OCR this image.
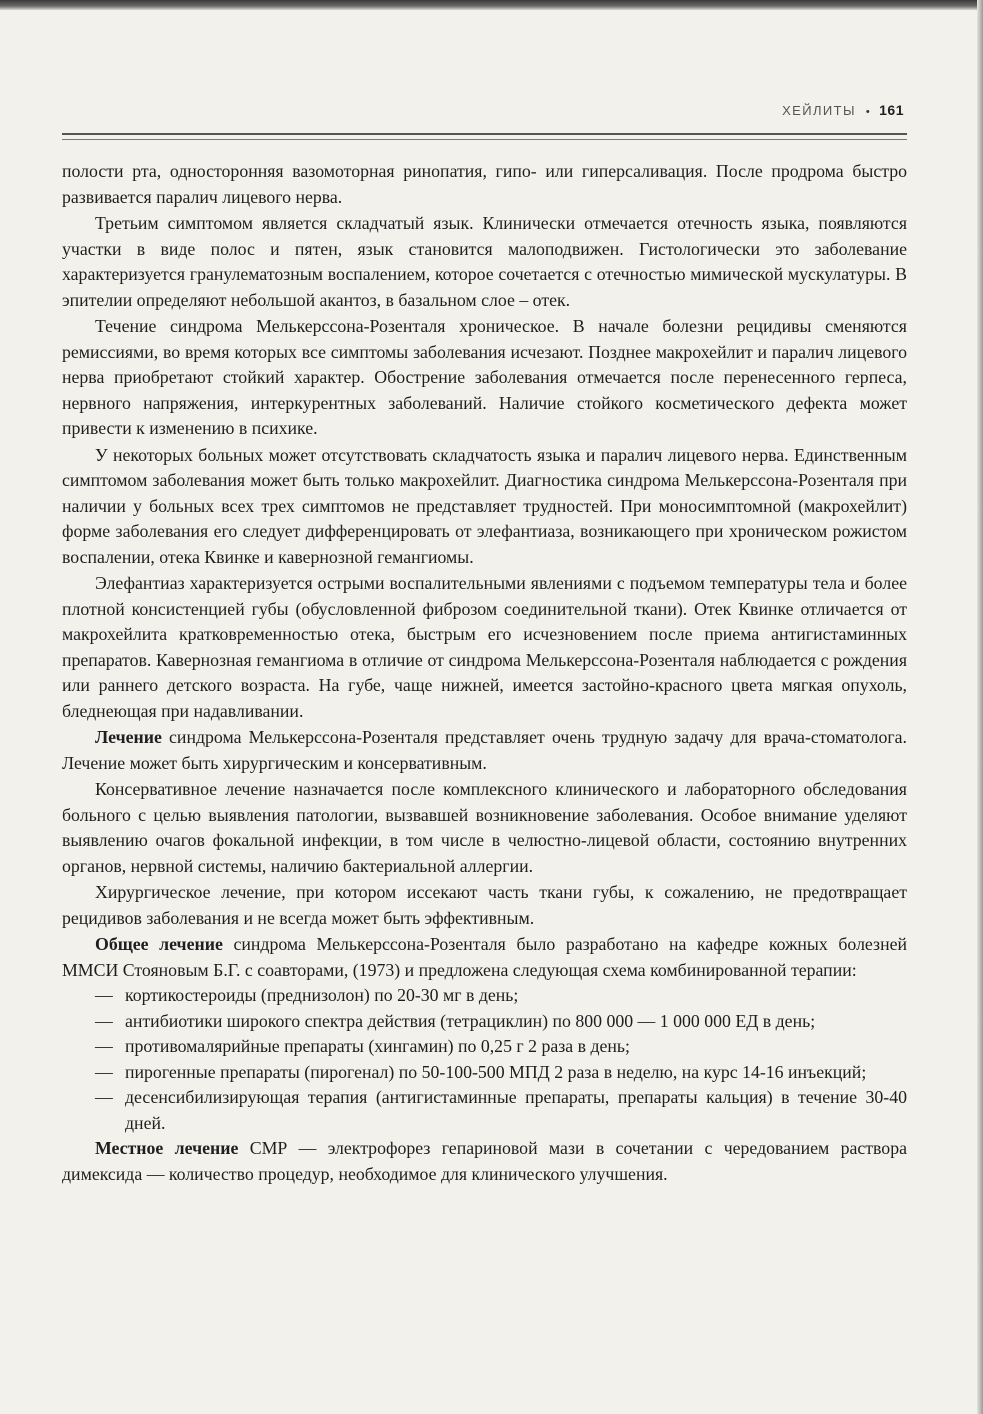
ХЕЙЛИТЫ • 161

полости рта, односторонняя вазомоторная ринопатия, гипо- или гиперсаливация. После продрома быстро развивается паралич лицевого нерва.

Третьим симптомом является складчатый язык. Клинически отмечается отечность языка, появляются участки в виде полос и пятен, язык становится малоподвижен. Гистологически это заболевание характеризуется гранулематозным воспалением, которое сочетается с отечностью мимической мускулатуры. В эпителии определяют небольшой акантоз, в базальном слое – отек.

Течение синдрома Мелькерссона-Розенталя хроническое. В начале болезни рецидивы сменяются ремиссиями, во время которых все симптомы заболевания исчезают. Позднее макрохейлит и паралич лицевого нерва приобретают стойкий характер. Обострение заболевания отмечается после перенесенного герпеса, нервного напряжения, интеркурентных заболеваний. Наличие стойкого косметического дефекта может привести к изменению в психике.

У некоторых больных может отсутствовать складчатость языка и паралич лицевого нерва. Единственным симптомом заболевания может быть только макрохейлит. Диагностика синдрома Мелькерссона-Розенталя при наличии у больных всех трех симптомов не представляет трудностей. При моносимптомной (макрохейлит) форме заболевания его следует дифференцировать от элефантиаза, возникающего при хроническом рожистом воспалении, отека Квинке и кавернозной гемангиомы.

Элефантиаз характеризуется острыми воспалительными явлениями с подъемом температуры тела и более плотной консистенцией губы (обусловленной фиброзом соединительной ткани). Отек Квинке отличается от макрохейлита кратковременностью отека, быстрым его исчезновением после приема антигистаминных препаратов. Кавернозная гемангиома в отличие от синдрома Мелькерссона-Розенталя наблюдается с рождения или раннего детского возраста. На губе, чаще нижней, имеется застойно-красного цвета мягкая опухоль, бледнеющая при надавливании.

Лечение синдрома Мелькерссона-Розенталя представляет очень трудную задачу для врача-стоматолога. Лечение может быть хирургическим и консервативным.

Консервативное лечение назначается после комплексного клинического и лабораторного обследования больного с целью выявления патологии, вызвавшей возникновение заболевания. Особое внимание уделяют выявлению очагов фокальной инфекции, в том числе в челюстно-лицевой области, состоянию внутренних органов, нервной системы, наличию бактериальной аллергии.

Хирургическое лечение, при котором иссекают часть ткани губы, к сожалению, не предотвращает рецидивов заболевания и не всегда может быть эффективным.

Общее лечение синдрома Мелькерссона-Розенталя было разработано на кафедре кожных болезней ММСИ Стояновым Б.Г. с соавторами, (1973) и предложена следующая схема комбинированной терапии:

— кортикостероиды (преднизолон) по 20-30 мг в день;
— антибиотики широкого спектра действия (тетрациклин) по 800 000 — 1 000 000 ЕД в день;
— противомалярийные препараты (хингамин) по 0,25 г 2 раза в день;
— пирогенные препараты (пирогенал) по 50-100-500 МПД 2 раза в неделю, на курс 14-16 инъекций;
— десенсибилизирующая терапия (антигистаминные препараты, препараты кальция) в течение 30-40 дней.

Местное лечение СМР — электрофорез гепариновой мази в сочетании с чередованием раствора димексида — количество процедур, необходимое для клинического улучшения.
